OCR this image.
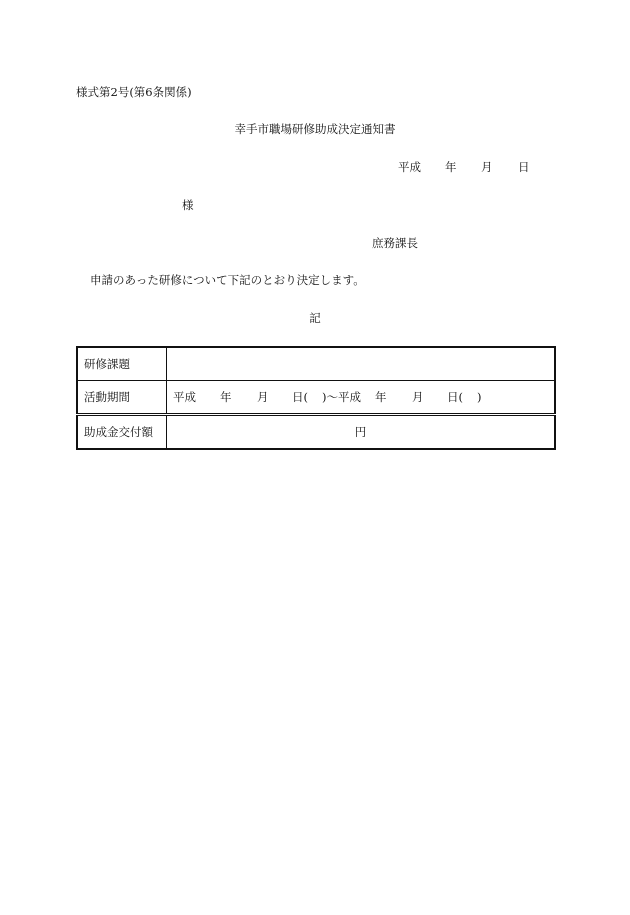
様式第2号(第6条関係)
幸手市職場研修助成決定通知書
平成 年 月 日
様
庶務課長
申請のあった研修について下記のとおり決定します。
記
研修課題	
活動期間	平成 年 月 日( )〜平成 年 月 日( )
助成金交付額	円
